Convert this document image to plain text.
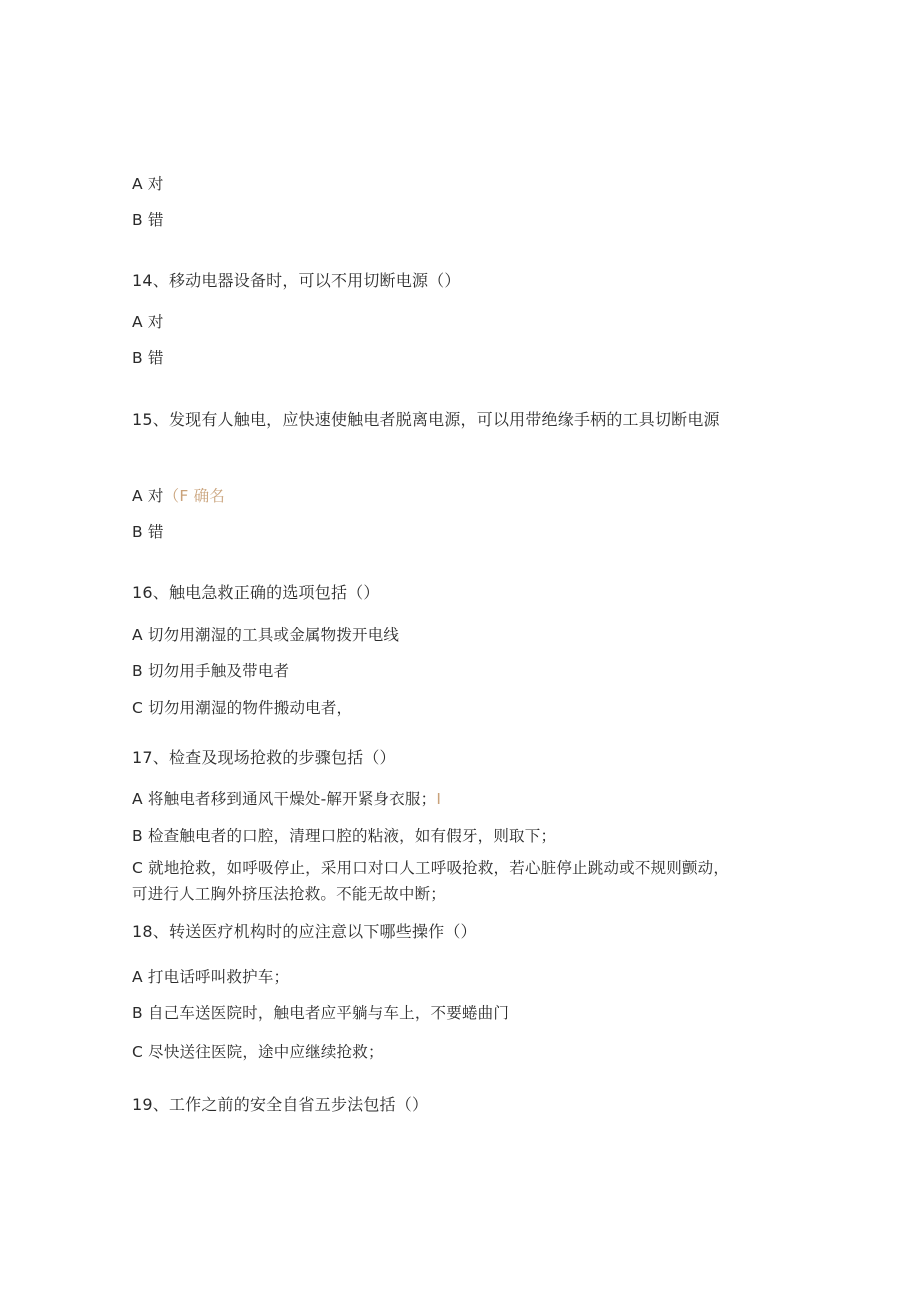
A 对
B 错
14、移动电器设备时，可以不用切断电源（）
A 对
B 错
15、发现有人触电，应快速使触电者脱离电源，可以用带绝缘手柄的工具切断电源
A 对（F 确名
B 错
16、触电急救正确的选项包括（）
A 切勿用潮湿的工具或金属物拨开电线
B 切勿用手触及带电者
C 切勿用潮湿的物件搬动电者，
17、检查及现场抢救的步骤包括（）
A 将触电者移到通风干燥处-解开紧身衣服；I
B 检查触电者的口腔，清理口腔的粘液，如有假牙，则取下；
C 就地抢救，如呼吸停止，采用口对口人工呼吸抢救，若心脏停止跳动或不规则颤动，
可进行人工胸外挤压法抢救。不能无故中断；
18、转送医疗机构时的应注意以下哪些操作（）
A 打电话呼叫救护车；
B 自己车送医院时，触电者应平躺与车上，不要蜷曲门
C 尽快送往医院，途中应继续抢救；
19、工作之前的安全自省五步法包括（）
